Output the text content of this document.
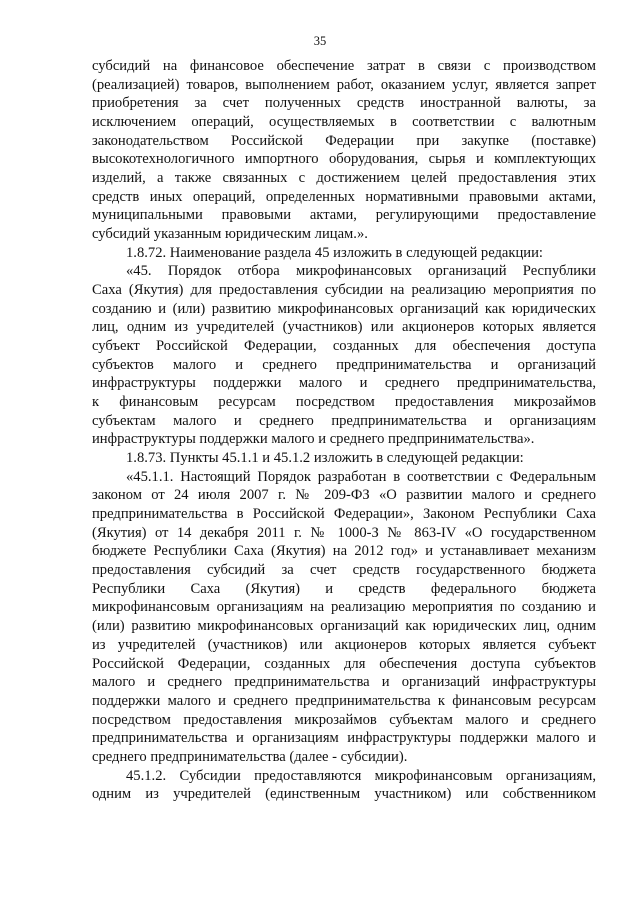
35
субсидий на финансовое обеспечение затрат в связи с производством
(реализацией) товаров, выполнением работ, оказанием услуг, является запрет
приобретения за счет полученных средств иностранной валюты, за
исключением операций, осуществляемых в соответствии с валютным
законодательством Российской Федерации при закупке (поставке)
высокотехнологичного импортного оборудования, сырья и комплектующих
изделий, а также связанных с достижением целей предоставления этих
средств иных операций, определенных нормативными правовыми актами,
муниципальными правовыми актами, регулирующими предоставление
субсидий указанным юридическим лицам.».
1.8.72. Наименование раздела 45 изложить в следующей редакции:
«45. Порядок отбора микрофинансовых организаций Республики
Саха (Якутия) для предоставления субсидии на реализацию мероприятия по
созданию и (или) развитию микрофинансовых организаций как юридических
лиц, одним из учредителей (участников) или акционеров которых является
субъект Российской Федерации, созданных для обеспечения доступа
субъектов малого и среднего предпринимательства и организаций
инфраструктуры поддержки малого и среднего предпринимательства,
к финансовым ресурсам посредством предоставления микрозаймов
субъектам малого и среднего предпринимательства и организациям
инфраструктуры поддержки малого и среднего предпринимательства».
1.8.73. Пункты 45.1.1 и 45.1.2 изложить в следующей редакции:
«45.1.1. Настоящий Порядок разработан в соответствии с Федеральным
законом от 24 июля 2007 г. № 209-ФЗ «О развитии малого и среднего
предпринимательства в Российской Федерации», Законом Республики Саха
(Якутия) от 14 декабря 2011 г. № 1000-З № 863-IV «О государственном
бюджете Республики Саха (Якутия) на 2012 год» и устанавливает механизм
предоставления субсидий за счет средств государственного бюджета
Республики Саха (Якутия) и средств федерального бюджета
микрофинансовым организациям на реализацию мероприятия по созданию и
(или) развитию микрофинансовых организаций как юридических лиц, одним
из учредителей (участников) или акционеров которых является субъект
Российской Федерации, созданных для обеспечения доступа субъектов
малого и среднего предпринимательства и организаций инфраструктуры
поддержки малого и среднего предпринимательства к финансовым ресурсам
посредством предоставления микрозаймов субъектам малого и среднего
предпринимательства и организациям инфраструктуры поддержки малого и
среднего предпринимательства (далее - субсидии).
45.1.2. Субсидии предоставляются микрофинансовым организациям,
одним из учредителей (единственным участником) или собственником
